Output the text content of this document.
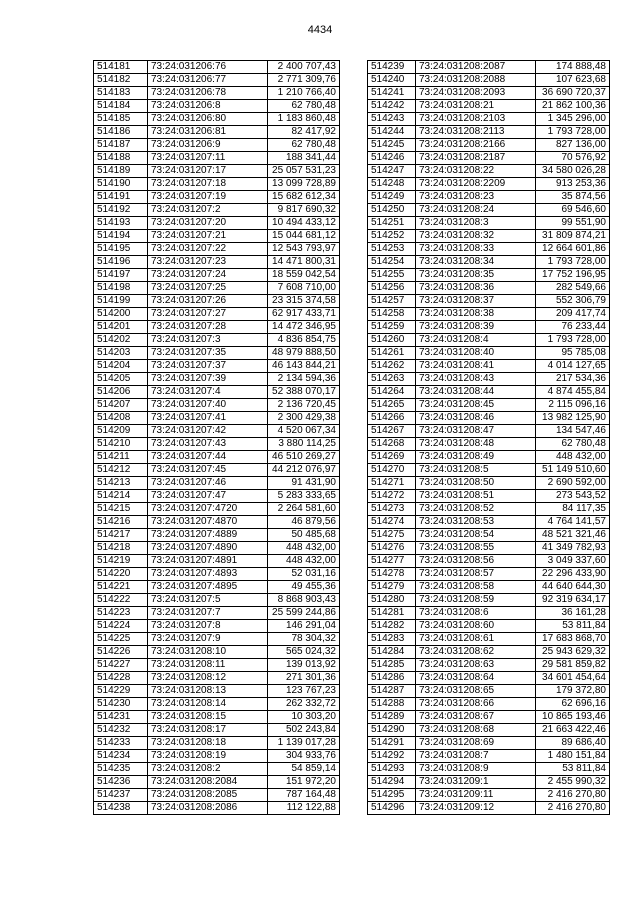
4434
514181	73:24:031206:76	2 400 707,43
514182	73:24:031206:77	2 771 309,76
514183	73:24:031206:78	1 210 766,40
514184	73:24:031206:8	62 780,48
514185	73:24:031206:80	1 183 860,48
514186	73:24:031206:81	82 417,92
514187	73:24:031206:9	62 780,48
514188	73:24:031207:11	188 341,44
514189	73:24:031207:17	25 057 531,23
514190	73:24:031207:18	13 099 728,89
514191	73:24:031207:19	15 682 612,34
514192	73:24:031207:2	9 817 690,32
514193	73:24:031207:20	10 494 433,12
514194	73:24:031207:21	15 044 681,12
514195	73:24:031207:22	12 543 793,97
514196	73:24:031207:23	14 471 800,31
514197	73:24:031207:24	18 559 042,54
514198	73:24:031207:25	7 608 710,00
514199	73:24:031207:26	23 315 374,58
514200	73:24:031207:27	62 917 433,71
514201	73:24:031207:28	14 472 346,95
514202	73:24:031207:3	4 836 854,75
514203	73:24:031207:35	48 979 888,50
514204	73:24:031207:37	46 143 844,21
514205	73:24:031207:39	2 134 594,36
514206	73:24:031207:4	52 388 070,17
514207	73:24:031207:40	2 136 720,45
514208	73:24:031207:41	2 300 429,38
514209	73:24:031207:42	4 520 067,34
514210	73:24:031207:43	3 880 114,25
514211	73:24:031207:44	46 510 269,27
514212	73:24:031207:45	44 212 076,97
514213	73:24:031207:46	91 431,90
514214	73:24:031207:47	5 283 333,65
514215	73:24:031207:4720	2 264 581,60
514216	73:24:031207:4870	46 879,56
514217	73:24:031207:4889	50 485,68
514218	73:24:031207:4890	448 432,00
514219	73:24:031207:4891	448 432,00
514220	73:24:031207:4893	52 031,16
514221	73:24:031207:4895	49 455,36
514222	73:24:031207:5	8 868 903,43
514223	73:24:031207:7	25 599 244,86
514224	73:24:031207:8	146 291,04
514225	73:24:031207:9	78 304,32
514226	73:24:031208:10	565 024,32
514227	73:24:031208:11	139 013,92
514228	73:24:031208:12	271 301,36
514229	73:24:031208:13	123 767,23
514230	73:24:031208:14	262 332,72
514231	73:24:031208:15	10 303,20
514232	73:24:031208:17	502 243,84
514233	73:24:031208:18	1 139 017,28
514234	73:24:031208:19	304 933,76
514235	73:24:031208:2	54 859,14
514236	73:24:031208:2084	151 972,20
514237	73:24:031208:2085	787 164,48
514238	73:24:031208:2086	112 122,88
514239	73:24:031208:2087	174 888,48
514240	73:24:031208:2088	107 623,68
514241	73:24:031208:2093	36 690 720,37
514242	73:24:031208:21	21 862 100,36
514243	73:24:031208:2103	1 345 296,00
514244	73:24:031208:2113	1 793 728,00
514245	73:24:031208:2166	827 136,00
514246	73:24:031208:2187	70 576,92
514247	73:24:031208:22	34 580 026,28
514248	73:24:031208:2209	913 253,36
514249	73:24:031208:23	35 874,56
514250	73:24:031208:24	69 546,60
514251	73:24:031208:3	99 551,90
514252	73:24:031208:32	31 809 874,21
514253	73:24:031208:33	12 664 601,86
514254	73:24:031208:34	1 793 728,00
514255	73:24:031208:35	17 752 196,95
514256	73:24:031208:36	282 549,66
514257	73:24:031208:37	552 306,79
514258	73:24:031208:38	209 417,74
514259	73:24:031208:39	76 233,44
514260	73:24:031208:4	1 793 728,00
514261	73:24:031208:40	95 785,08
514262	73:24:031208:41	4 014 127,65
514263	73:24:031208:43	217 534,36
514264	73:24:031208:44	4 874 455,84
514265	73:24:031208:45	2 115 096,16
514266	73:24:031208:46	13 982 125,90
514267	73:24:031208:47	134 547,46
514268	73:24:031208:48	62 780,48
514269	73:24:031208:49	448 432,00
514270	73:24:031208:5	51 149 510,60
514271	73:24:031208:50	2 690 592,00
514272	73:24:031208:51	273 543,52
514273	73:24:031208:52	84 117,35
514274	73:24:031208:53	4 764 141,57
514275	73:24:031208:54	48 521 321,46
514276	73:24:031208:55	41 349 782,93
514277	73:24:031208:56	3 049 337,60
514278	73:24:031208:57	22 296 433,90
514279	73:24:031208:58	44 640 644,30
514280	73:24:031208:59	92 319 634,17
514281	73:24:031208:6	36 161,28
514282	73:24:031208:60	53 811,84
514283	73:24:031208:61	17 683 868,70
514284	73:24:031208:62	25 943 629,32
514285	73:24:031208:63	29 581 859,82
514286	73:24:031208:64	34 601 454,64
514287	73:24:031208:65	179 372,80
514288	73:24:031208:66	62 696,16
514289	73:24:031208:67	10 865 193,46
514290	73:24:031208:68	21 663 422,46
514291	73:24:031208:69	89 686,40
514292	73:24:031208:7	1 480 151,84
514293	73:24:031208:9	53 811,84
514294	73:24:031209:1	2 455 990,32
514295	73:24:031209:11	2 416 270,80
514296	73:24:031209:12	2 416 270,80
